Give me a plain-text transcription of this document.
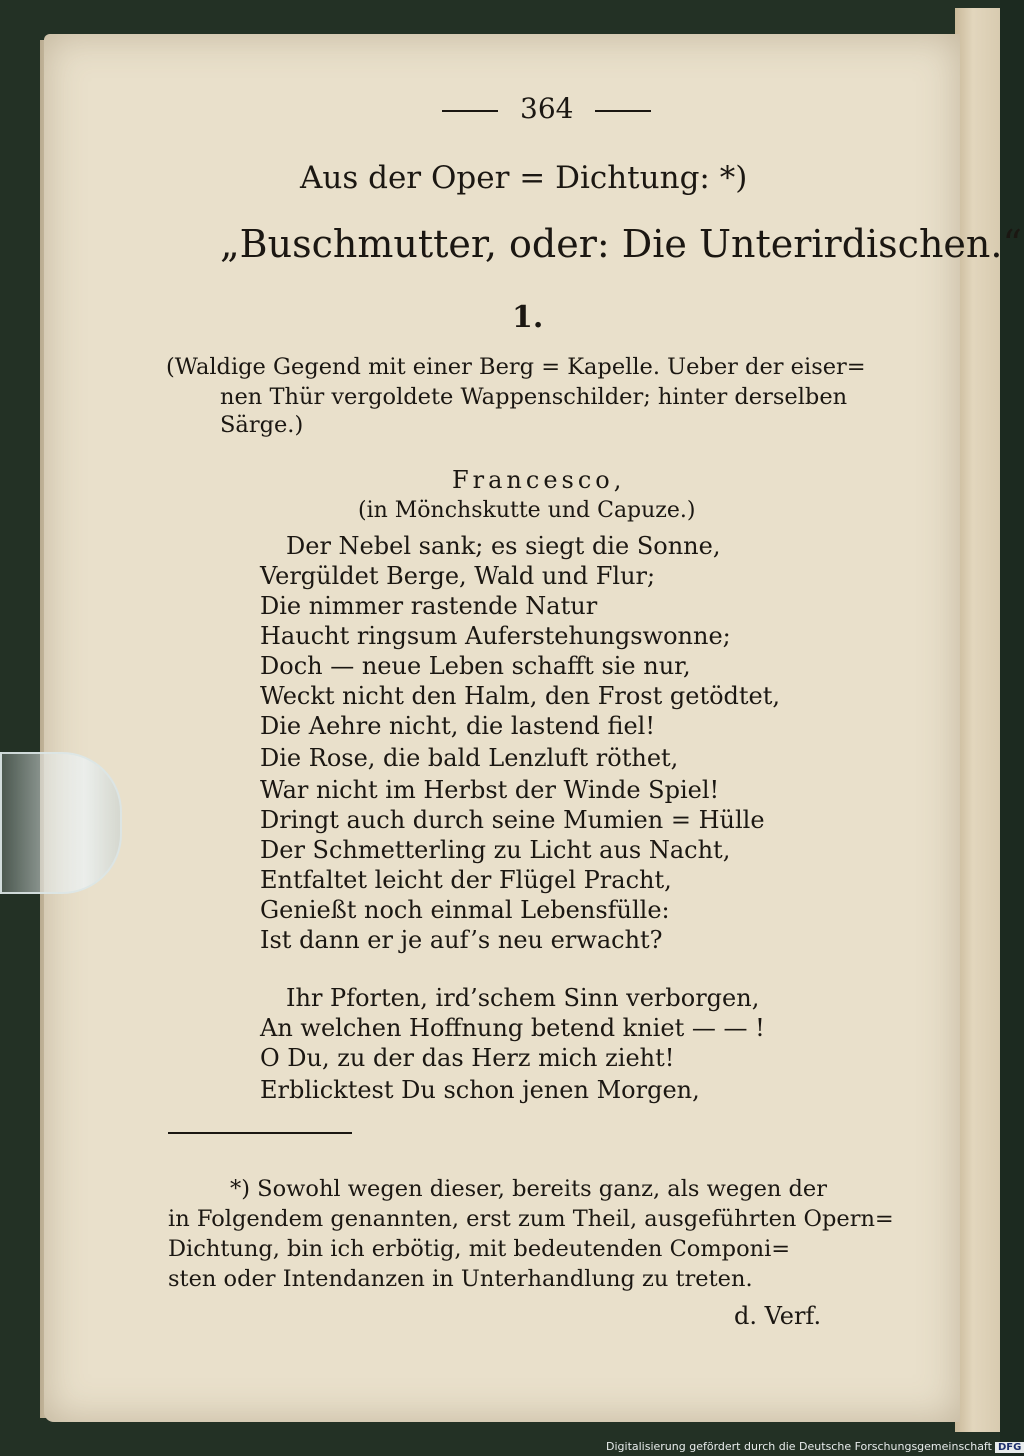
364
Aus der Oper = Dichtung: *)
„Buschmutter, oder: Die Unterirdischen.“
1.
(Waldige Gegend mit einer Berg = Kapelle. Ueber der eiser=
nen Thür vergoldete Wappenschilder; hinter derselben
Särge.)
Francesco,
(in Mönchskutte und Capuze.)
Der Nebel sank; es siegt die Sonne,
Vergüldet Berge, Wald und Flur;
Die nimmer rastende Natur
Haucht ringsum Auferstehungswonne;
Doch — neue Leben schafft sie nur,
Weckt nicht den Halm, den Frost getödtet,
Die Aehre nicht, die lastend fiel!
Die Rose, die bald Lenzluft röthet,
War nicht im Herbst der Winde Spiel!
Dringt auch durch seine Mumien = Hülle
Der Schmetterling zu Licht aus Nacht,
Entfaltet leicht der Flügel Pracht,
Genießt noch einmal Lebensfülle:
Ist dann er je auf’s neu erwacht?
Ihr Pforten, ird’schem Sinn verborgen,
An welchen Hoffnung betend kniet — — !
O Du, zu der das Herz mich zieht!
Erblicktest Du schon jenen Morgen,
*) Sowohl wegen dieser, bereits ganz, als wegen der
in Folgendem genannten, erst zum Theil, ausgeführten Opern=
Dichtung, bin ich erbötig, mit bedeutenden Componi=
sten oder Intendanzen in Unterhandlung zu treten.
d. Verf.
Digitalisierung gefördert durch die Deutsche Forschungsgemeinschaft DFG
